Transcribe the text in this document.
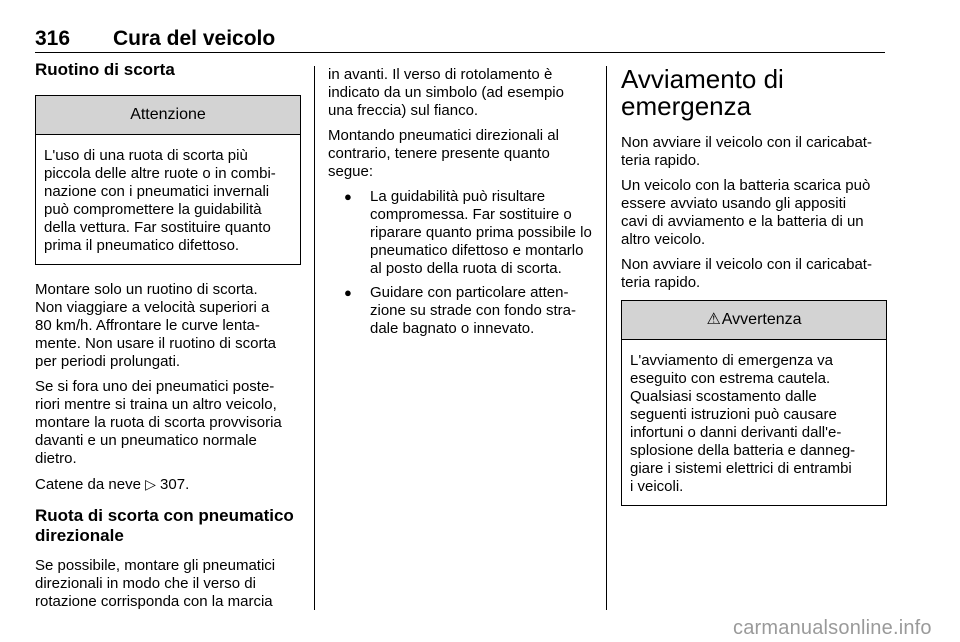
316 Cura del veicolo
Ruotino di scorta
Attenzione
L'uso di una ruota di scorta più
piccola delle altre ruote o in combi-
nazione con i pneumatici invernali
può compromettere la guidabilità
della vettura. Far sostituire quanto
prima il pneumatico difettoso.

Montare solo un ruotino di scorta.
Non viaggiare a velocità superiori a
80 km/h. Affrontare le curve lenta-
mente. Non usare il ruotino di scorta
per periodi prolungati.

Se si fora uno dei pneumatici poste-
riori mentre si traina un altro veicolo,
montare la ruota di scorta provvisoria
davanti e un pneumatico normale
dietro.

Catene da neve ▷ 307.

Ruota di scorta con pneumatico
direzionale

Se possibile, montare gli pneumatici
direzionali in modo che il verso di
rotazione corrisponda con la marcia

in avanti. Il verso di rotolamento è
indicato da un simbolo (ad esempio
una freccia) sul fianco.

Montando pneumatici direzionali al
contrario, tenere presente quanto
segue:

● La guidabilità può risultare
compromessa. Far sostituire o
riparare quanto prima possibile lo
pneumatico difettoso e montarlo
al posto della ruota di scorta.
● Guidare con particolare atten-
zione su strade con fondo stra-
dale bagnato o innevato.
Avviamento di
emergenza

Non avviare il veicolo con il caricabat-
teria rapido.

Un veicolo con la batteria scarica può
essere avviato usando gli appositi
cavi di avviamento e la batteria di un
altro veicolo.

Non avviare il veicolo con il caricabat-
teria rapido.

⚠Avvertenza
L'avviamento di emergenza va
eseguito con estrema cautela.
Qualsiasi scostamento dalle
seguenti istruzioni può causare
infortuni o danni derivanti dall'e-
splosione della batteria e danneg-
giare i sistemi elettrici di entrambi
i veicoli.
carmanualsonline.info
